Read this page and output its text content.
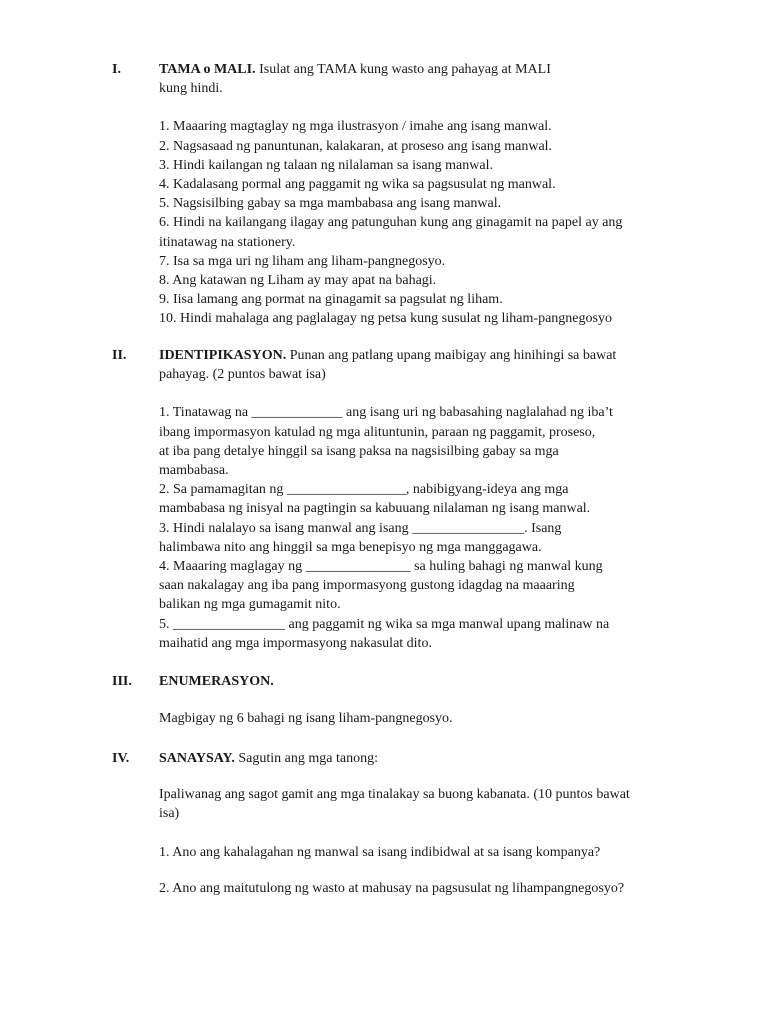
I.	TAMA o MALI. Isulat ang TAMA kung wasto ang pahayag at MALI
kung hindi.
1. Maaaring magtaglay ng mga ilustrasyon / imahe ang isang manwal.
2. Nagsasaad ng panuntunan, kalakaran, at proseso ang isang manwal.
3. Hindi kailangan ng talaan ng nilalaman sa isang manwal.
4. Kadalasang pormal ang paggamit ng wika sa pagsusulat ng manwal.
5. Nagsisilbing gabay sa mga mambabasa ang isang manwal.
6. Hindi na kailangang ilagay ang patunguhan kung ang ginagamit na papel ay ang
itinatawag na stationery.
7. Isa sa mga uri ng liham ang liham-pangnegosyo.
8. Ang katawan ng Liham ay may apat na bahagi.
9. Iisa lamang ang pormat na ginagamit sa pagsulat ng liham.
10. Hindi mahalaga ang paglalagay ng petsa kung susulat ng liham-pangnegosyo
II. IDENTIPIKASYON. Punan ang patlang upang maibigay ang hinihingi sa bawat
pahayag. (2 puntos bawat isa)
1. Tinatawag na _____________ ang isang uri ng babasahing naglalahad ng iba’t
ibang impormasyon katulad ng mga alituntunin, paraan ng paggamit, proseso,
at iba pang detalye hinggil sa isang paksa na nagsisilbing gabay sa mga
mambabasa.
2. Sa pamamagitan ng _________________, nabibigyang-ideya ang mga
mambabasa ng inisyal na pagtingin sa kabuuang nilalaman ng isang manwal.
3. Hindi nalalayo sa isang manwal ang isang ________________. Isang
halimbawa nito ang hinggil sa mga benepisyo ng mga manggagawa.
4. Maaaring maglagay ng _______________ sa huling bahagi ng manwal kung
saan nakalagay ang iba pang impormasyong gustong idagdag na maaaring
balikan ng mga gumagamit nito.
5. ________________ ang paggamit ng wika sa mga manwal upang malinaw na
maihatid ang mga impormasyong nakasulat dito.
III. ENUMERASYON.
Magbigay ng 6 bahagi ng isang liham-pangnegosyo.
IV. SANAYSAY. Sagutin ang mga tanong:
Ipaliwanag ang sagot gamit ang mga tinalakay sa buong kabanata. (10 puntos bawat
isa)
1. Ano ang kahalagahan ng manwal sa isang indibidwal at sa isang kompanya?
2. Ano ang maitutulong ng wasto at mahusay na pagsusulat ng lihampangnegosyo?
